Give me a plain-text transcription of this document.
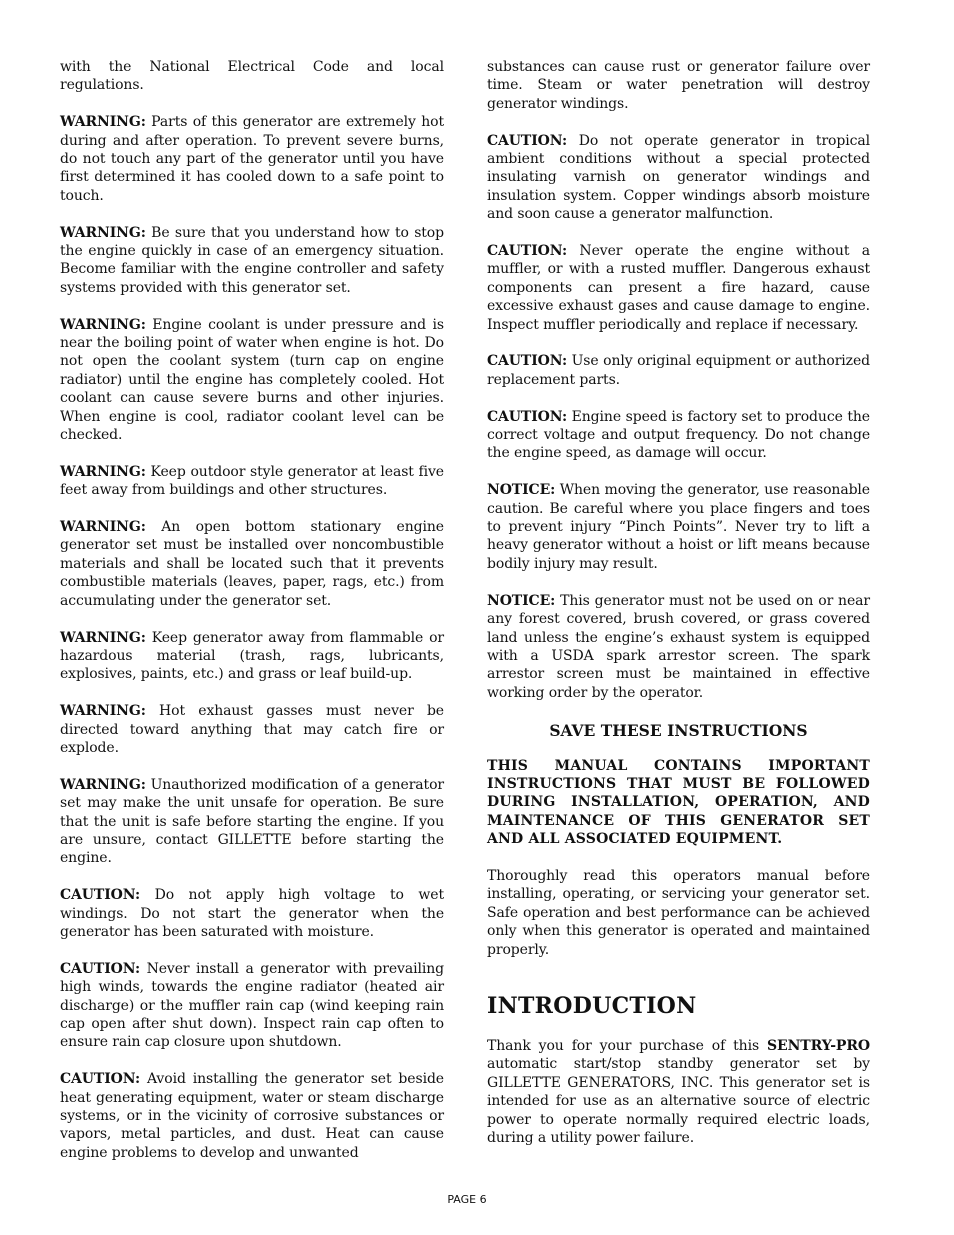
with the National Electrical Code and local regulations.

WARNING: Parts of this generator are extremely hot during and after operation. To prevent severe burns, do not touch any part of the generator until you have first determined it has cooled down to a safe point to touch.

WARNING: Be sure that you understand how to stop the engine quickly in case of an emergency situation. Become familiar with the engine controller and safety systems provided with this generator set.

WARNING: Engine coolant is under pressure and is near the boiling point of water when engine is hot. Do not open the coolant system (turn cap on engine radiator) until the engine has completely cooled. Hot coolant can cause severe burns and other injuries. When engine is cool, radiator coolant level can be checked.

WARNING: Keep outdoor style generator at least five feet away from buildings and other structures.

WARNING: An open bottom stationary engine generator set must be installed over noncombustible materials and shall be located such that it prevents combustible materials (leaves, paper, rags, etc.) from accumulating under the generator set.

WARNING: Keep generator away from flammable or hazardous material (trash, rags, lubricants, explosives, paints, etc.) and grass or leaf build-up.

WARNING: Hot exhaust gasses must never be directed toward anything that may catch fire or explode.

WARNING: Unauthorized modification of a generator set may make the unit unsafe for operation. Be sure that the unit is safe before starting the engine. If you are unsure, contact GILLETTE before starting the engine.

CAUTION: Do not apply high voltage to wet windings. Do not start the generator when the generator has been saturated with moisture.

CAUTION: Never install a generator with prevailing high winds, towards the engine radiator (heated air discharge) or the muffler rain cap (wind keeping rain cap open after shut down). Inspect rain cap often to ensure rain cap closure upon shutdown.

CAUTION: Avoid installing the generator set beside heat generating equipment, water or steam discharge systems, or in the vicinity of corrosive substances or vapors, metal particles, and dust. Heat can cause engine problems to develop and unwanted

substances can cause rust or generator failure over time. Steam or water penetration will destroy generator windings.

CAUTION: Do not operate generator in tropical ambient conditions without a special protected insulating varnish on generator windings and insulation system. Copper windings absorb moisture and soon cause a generator malfunction.

CAUTION: Never operate the engine without a muffler, or with a rusted muffler. Dangerous exhaust components can present a fire hazard, cause excessive exhaust gases and cause damage to engine. Inspect muffler periodically and replace if necessary.

CAUTION: Use only original equipment or authorized replacement parts.

CAUTION: Engine speed is factory set to produce the correct voltage and output frequency. Do not change the engine speed, as damage will occur.

NOTICE: When moving the generator, use reasonable caution. Be careful where you place fingers and toes to prevent injury “Pinch Points”. Never try to lift a heavy generator without a hoist or lift means because bodily injury may result.

NOTICE: This generator must not be used on or near any forest covered, brush covered, or grass covered land unless the engine’s exhaust system is equipped with a USDA spark arrestor screen. The spark arrestor screen must be maintained in effective working order by the operator.

SAVE THESE INSTRUCTIONS

THIS MANUAL CONTAINS IMPORTANT INSTRUCTIONS THAT MUST BE FOLLOWED DURING INSTALLATION, OPERATION, AND MAINTENANCE OF THIS GENERATOR SET AND ALL ASSOCIATED EQUIPMENT.

Thoroughly read this operators manual before installing, operating, or servicing your generator set. Safe operation and best performance can be achieved only when this generator is operated and maintained properly.

INTRODUCTION

Thank you for your purchase of this SENTRY-PRO automatic start/stop standby generator set by GILLETTE GENERATORS, INC. This generator set is intended for use as an alternative source of electric power to operate normally required electric loads, during a utility power failure.

PAGE 6
